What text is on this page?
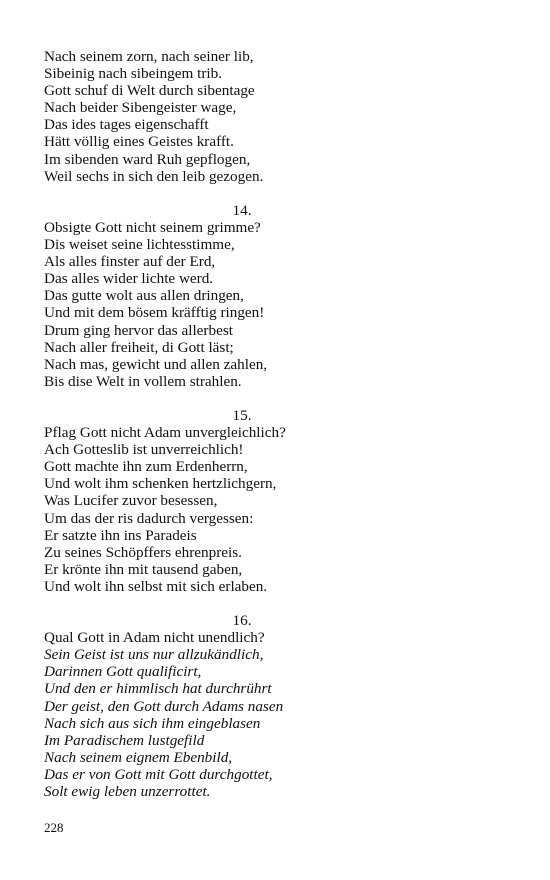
Nach seinem zorn, nach seiner lib,
Sibeinig nach sibeingem trib.
Gott schuf di Welt durch sibentage
Nach beider Sibengeister wage,
Das ides tages eigenschafft
Hätt völlig eines Geistes krafft.
Im sibenden ward Ruh gepflogen,
Weil sechs in sich den leib gezogen.
14.
Obsigte Gott nicht seinem grimme?
Dis weiset seine lichtesstimme,
Als alles finster auf der Erd,
Das alles wider lichte werd.
Das gutte wolt aus allen dringen,
Und mit dem bösem kräfftig ringen!
Drum ging hervor das allerbest
Nach aller freiheit, di Gott läst;
Nach mas, gewicht und allen zahlen,
Bis dise Welt in vollem strahlen.
15.
Pflag Gott nicht Adam unvergleichlich?
Ach Gotteslib ist unverreichlich!
Gott machte ihn zum Erdenherrn,
Und wolt ihm schenken hertzlichgern,
Was Lucifer zuvor besessen,
Um das der ris dadurch vergessen:
Er satzte ihn ins Paradeis
Zu seines Schöpffers ehrenpreis.
Er krönte ihn mit tausend gaben,
Und wolt ihn selbst mit sich erlaben.
16.
Qual Gott in Adam nicht unendlich?
Sein Geist ist uns nur allzukändlich,
Darinnen Gott qualificirt,
Und den er himmlisch hat durchrührt
Der geist, den Gott durch Adams nasen
Nach sich aus sich ihm eingeblasen
Im Paradischem lustgefild
Nach seinem eignem Ebenbild,
Das er von Gott mit Gott durchgottet,
Solt ewig leben unzerrottet.
228
